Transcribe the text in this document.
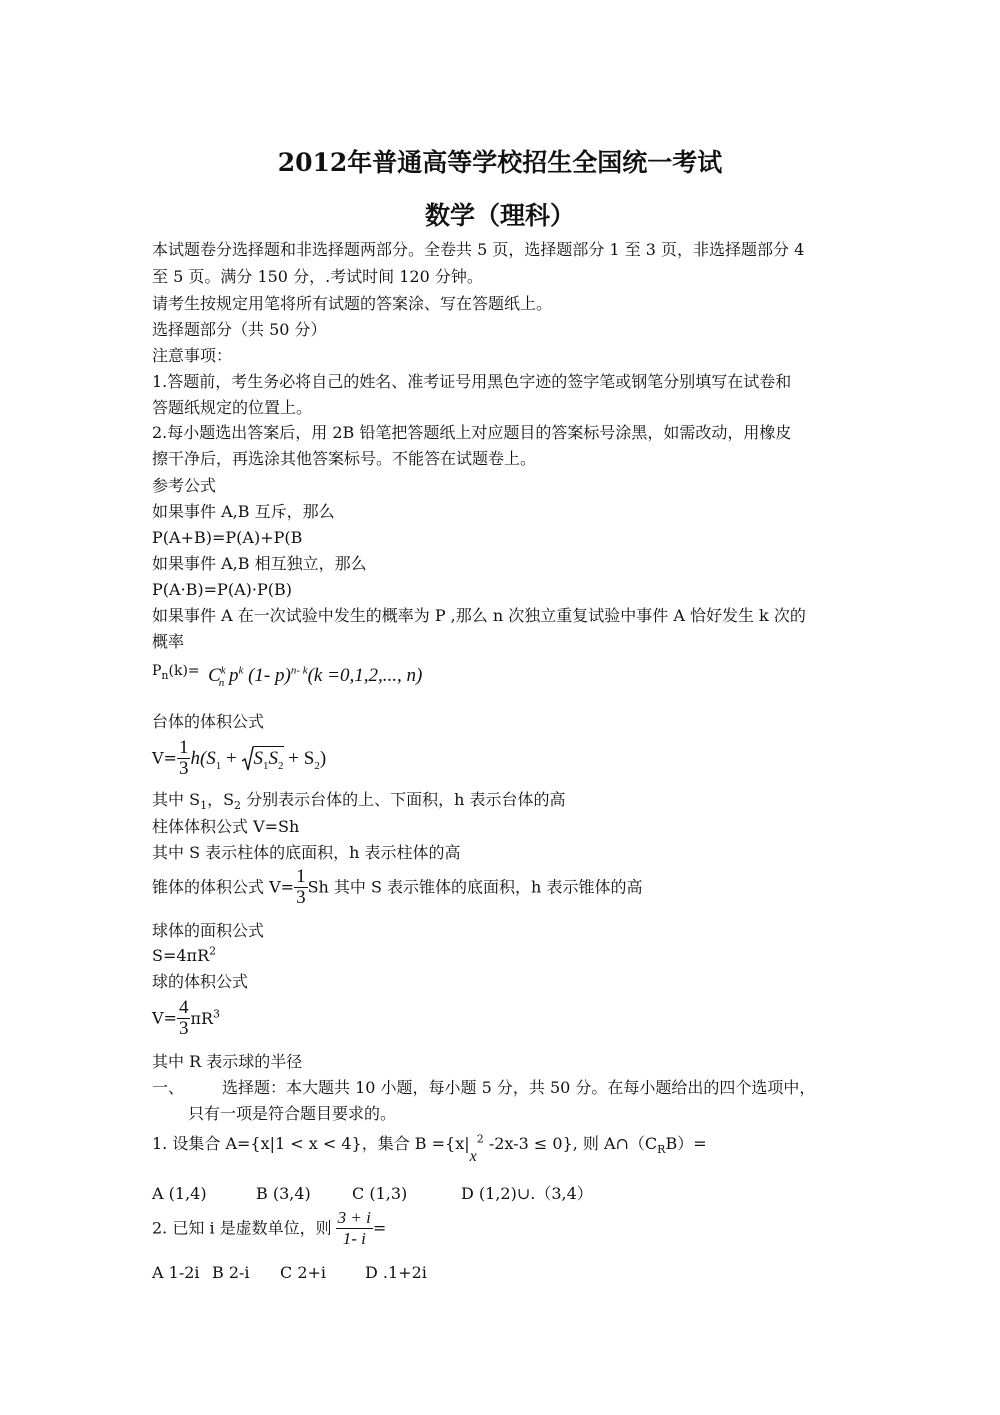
2012年普通高等学校招生全国统一考试
数学（理科）
本试题卷分选择题和非选择题两部分。全卷共 5 页，选择题部分 1 至 3 页，非选择题部分 4
至 5 页。满分 150 分，.考试时间 120 分钟。
请考生按规定用笔将所有试题的答案涂、写在答题纸上。
选择题部分（共 50 分）
注意事项：
1.答题前，考生务必将自己的姓名、准考证号用黑色字迹的签字笔或钢笔分别填写在试卷和
答题纸规定的位置上。
2.每小题选出答案后，用 2B 铅笔把答题纸上对应题目的答案标号涂黑，如需改动，用橡皮
擦干净后，再选涂其他答案标号。不能答在试题卷上。
参考公式
如果事件 A,B 互斥，那么
P(A+B)=P(A)+P(B
如果事件 A,B 相互独立，那么
P(A·B)=P(A)·P(B)
如果事件 A 在一次试验中发生的概率为 P ,那么 n 次独立重复试验中事件 A 恰好发生 k 次的
概率
$P_n(k)= C^k_n$ $p^k$ (1- p)$^{n- k}$(k =0,1,2,..., n)
台体的体积公式
$V= \frac{1}{3} h(S_1$ +
$S_1S_2 + S_2$)
其中 $S_1$，$S_2$ 分别表示台体的上、下面积，h 表示台体的高
柱体体积公式 V=Sh
其中 S 表示柱体的底面积，h 表示柱体的高
锥体的体积公式 $V= \frac{1}{3}$ Sh 其中 S 表示锥体的底面积，h 表示锥体的高
球体的面积公式
$S=4\pi R^2$
球的体积公式
$V= \frac{4}{3} \pi R^3$
其中 R 表示球的半径
一、 选择题：本大题共 10 小题，每小题 5 分，共 50 分。在每小题给出的四个选项中，
只有一项是符合题目要求的。
1. 设集合 A={x|1 < x < 4}，集合 $B =\{x|x^2$ -2x-3 ≤ 0}, 则 $A\cap(C_RB)=$
A (1,4)	B (3,4)	C (1,3)	D (1,2)∪.（3,4）
2. 已知 i 是虚数单位，则 $\frac{3 + i}{1- i}$ =
A 1-2i B 2-i C 2+i D .1+2i
